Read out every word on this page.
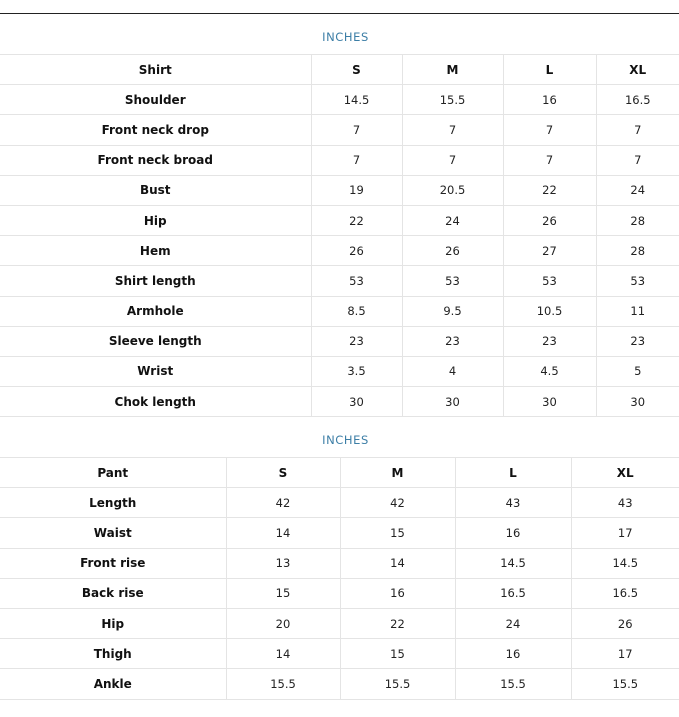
INCHES
Shirt	S	M	L	XL
Shoulder	14.5	15.5	16	16.5
Front neck drop	7	7	7	7
Front neck broad	7	7	7	7
Bust	19	20.5	22	24
Hip	22	24	26	28
Hem	26	26	27	28
Shirt length	53	53	53	53
Armhole	8.5	9.5	10.5	11
Sleeve length	23	23	23	23
Wrist	3.5	4	4.5	5
Chok length	30	30	30	30
INCHES
Pant	S	M	L	XL
Length	42	42	43	43
Waist	14	15	16	17
Front rise	13	14	14.5	14.5
Back rise	15	16	16.5	16.5
Hip	20	22	24	26
Thigh	14	15	16	17
Ankle	15.5	15.5	15.5	15.5
